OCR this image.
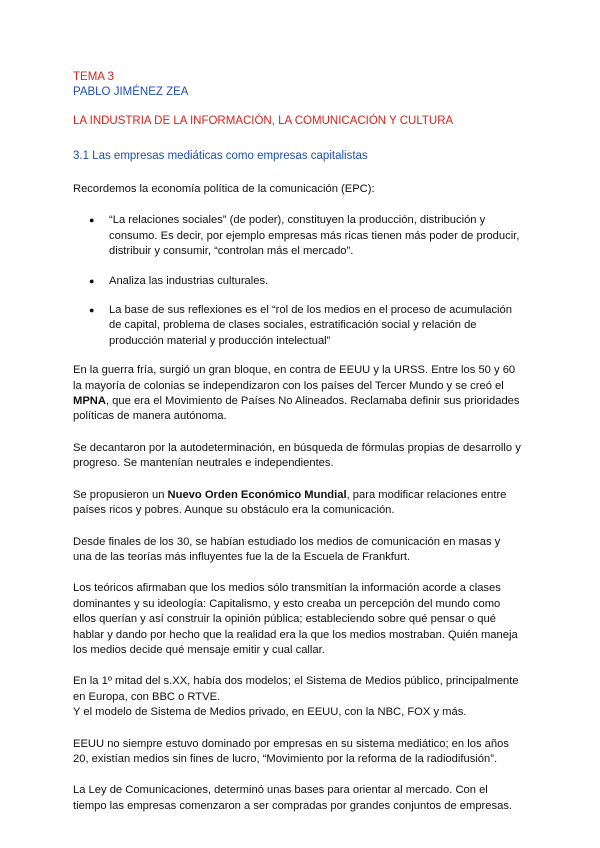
TEMA 3
PABLO JIMÉNEZ ZEA
LA INDUSTRIA DE LA INFORMACIÓN, LA COMUNICACIÓN Y CULTURA
3.1 Las empresas mediáticas como empresas capitalistas

Recordemos la economía política de la comunicación (EPC):

● “La relaciones sociales” (de poder), constituyen la producción, distribución y consumo. Es decir, por ejemplo empresas más ricas tienen más poder de producir, distribuir y consumir, “controlan más el mercado”.
● Analiza las industrias culturales.
● La base de sus reflexiones es el “rol de los medios en el proceso de acumulación de capital, problema de clases sociales, estratificación social y relación de producción material y producción intelectual”

En la guerra fría, surgió un gran bloque, en contra de EEUU y la URSS. Entre los 50 y 60 la mayoría de colonias se independizaron con los países del Tercer Mundo y se creó el MPNA, que era el Movimiento de Países No Alineados. Reclamaba definir sus prioridades políticas de manera autónoma.

Se decantaron por la autodeterminación, en búsqueda de fórmulas propias de desarrollo y progreso. Se mantenían neutrales e independientes.

Se propusieron un Nuevo Orden Económico Mundial, para modificar relaciones entre países ricos y pobres. Aunque su obstáculo era la comunicación.

Desde finales de los 30, se habían estudiado los medios de comunicación en masas y una de las teorías más influyentes fue la de la Escuela de Frankfurt.

Los teóricos afirmaban que los medios sólo transmitían la información acorde a clases dominantes y su ideología: Capitalismo, y esto creaba un percepción del mundo como ellos querían y así construir la opinión pública; estableciendo sobre qué pensar o qué hablar y dando por hecho que la realidad era la que los medios mostraban. Quién maneja los medios decide qué mensaje emitir y cual callar.

En la 1º mitad del s.XX, había dos modelos; el Sistema de Medios público, principalmente en Europa, con BBC o RTVE.

Y el modelo de Sistema de Medios privado, en EEUU, con la NBC, FOX y más.

EEUU no siempre estuvo dominado por empresas en su sistema mediático; en los años 20, existían medios sin fines de lucro, “Movimiento por la reforma de la radiodifusión”.

La Ley de Comunicaciones, determinó unas bases para orientar al mercado. Con el tiempo las empresas comenzaron a ser compradas por grandes conjuntos de empresas.
